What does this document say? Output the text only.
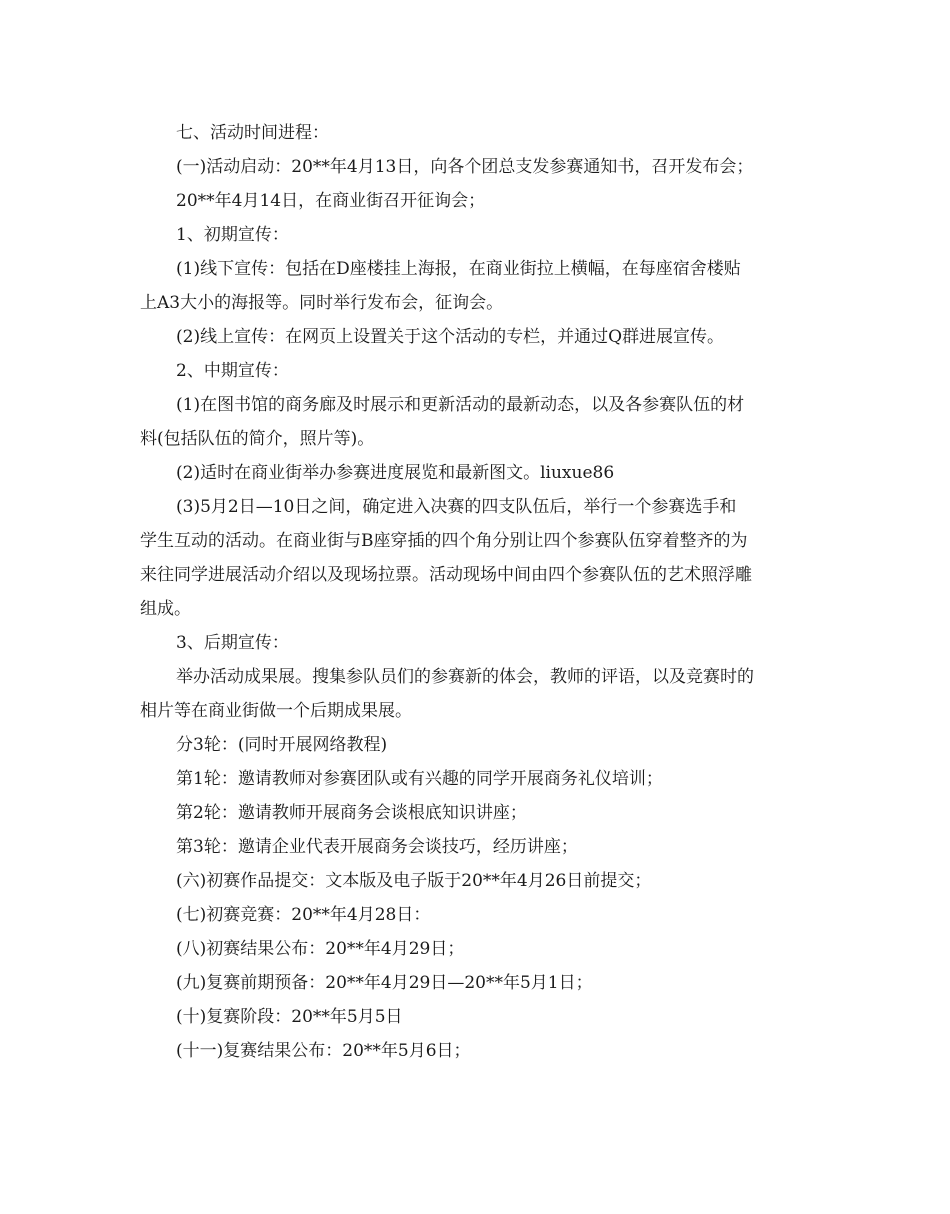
七、活动时间进程：
(一)活动启动：20**年4月13日，向各个团总支发参赛通知书，召开发布会；
20**年4月14日，在商业街召开征询会；
1、初期宣传：
(1)线下宣传：包括在D座楼挂上海报，在商业街拉上横幅，在每座宿舍楼贴
上A3大小的海报等。同时举行发布会，征询会。
(2)线上宣传：在网页上设置关于这个活动的专栏，并通过Q群进展宣传。
2、中期宣传：
(1)在图书馆的商务廊及时展示和更新活动的最新动态，以及各参赛队伍的材
料(包括队伍的简介，照片等)。
(2)适时在商业街举办参赛进度展览和最新图文。liuxue86
(3)5月2日—10日之间，确定进入决赛的四支队伍后，举行一个参赛选手和
学生互动的活动。在商业街与B座穿插的四个角分别让四个参赛队伍穿着整齐的为
来往同学进展活动介绍以及现场拉票。活动现场中间由四个参赛队伍的艺术照浮雕
组成。
3、后期宣传：
举办活动成果展。搜集参队员们的参赛新的体会，教师的评语，以及竞赛时的
相片等在商业街做一个后期成果展。
分3轮：(同时开展网络教程)
第1轮：邀请教师对参赛团队或有兴趣的同学开展商务礼仪培训；
第2轮：邀请教师开展商务会谈根底知识讲座；
第3轮：邀请企业代表开展商务会谈技巧，经历讲座；
(六)初赛作品提交：文本版及电子版于20**年4月26日前提交；
(七)初赛竞赛：20**年4月28日：
(八)初赛结果公布：20**年4月29日；
(九)复赛前期预备：20**年4月29日—20**年5月1日；
(十)复赛阶段：20**年5月5日
(十一)复赛结果公布：20**年5月6日；
